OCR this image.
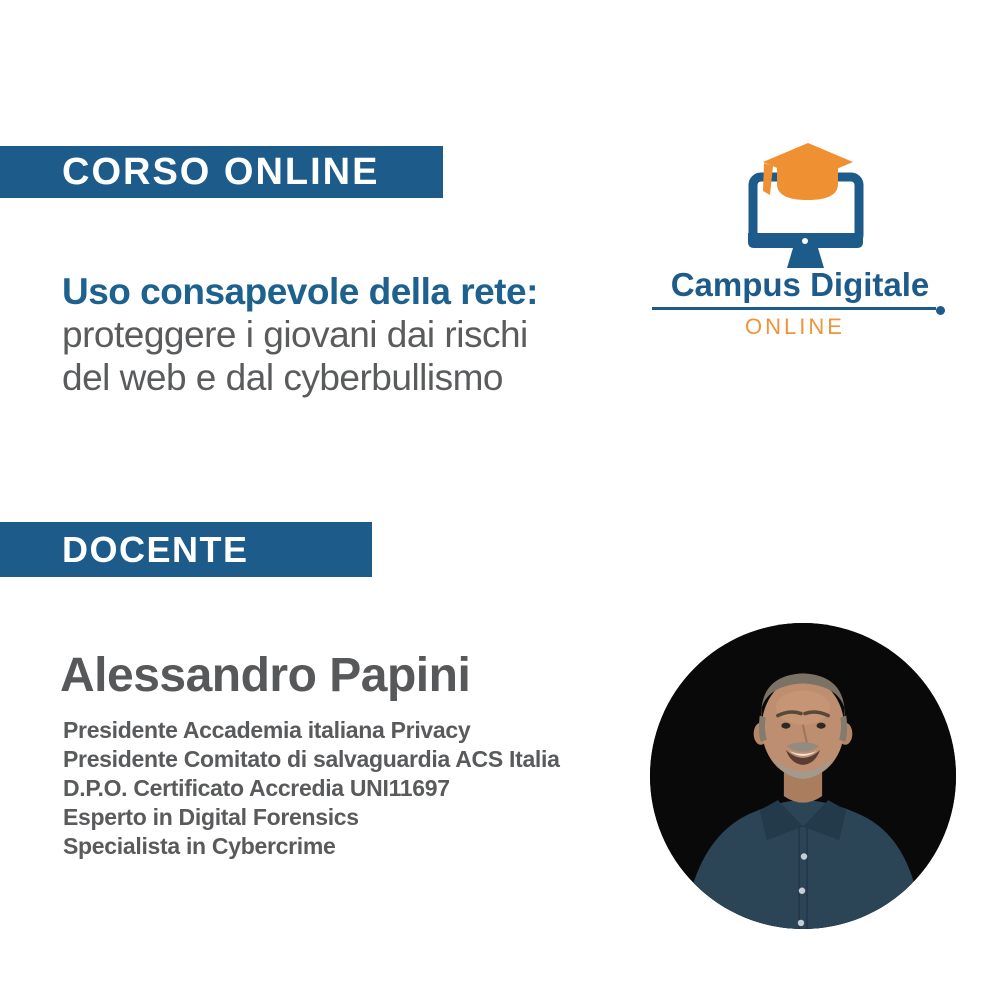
CORSO ONLINE
Campus Digitale
ONLINE
Uso consapevole della rete:
proteggere i giovani dai rischi
del web e dal cyberbullismo
DOCENTE
Alessandro Papini
Presidente Accademia italiana Privacy
Presidente Comitato di salvaguardia ACS Italia
D.P.O. Certificato Accredia UNI11697
Esperto in Digital Forensics
Specialista in Cybercrime
